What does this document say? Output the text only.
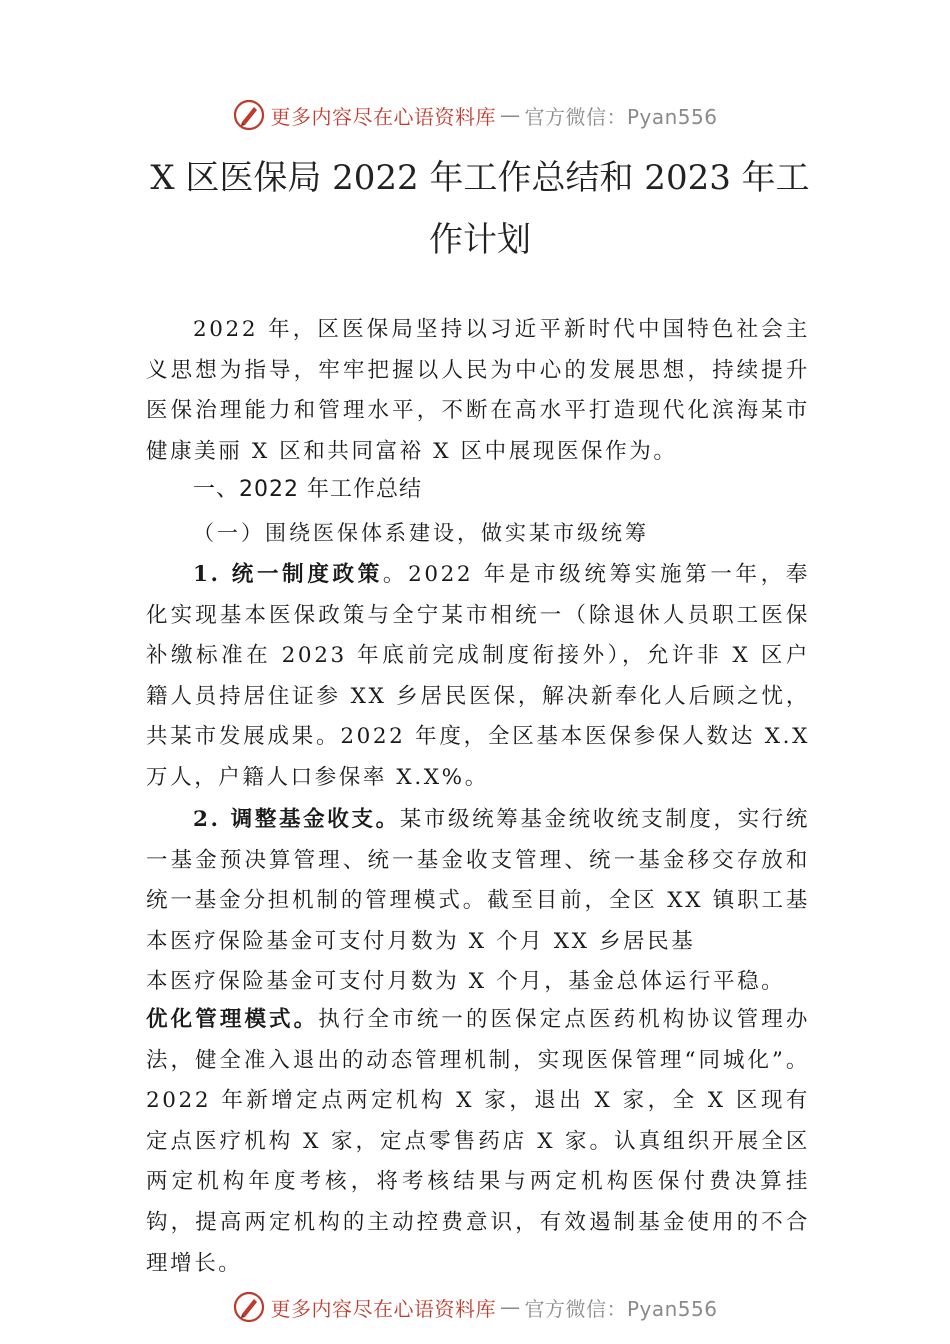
更多内容尽在心语资料库 — 官方微信：Pyan556
X 区医保局 2022 年工作总结和 2023 年工
作计划

2022 年，区医保局坚持以习近平新时代中国特色社会主义思想为指导，牢牢把握以人民为中心的发展思想，持续提升医保治理能力和管理水平，不断在高水平打造现代化滨海某市健康美丽 X 区和共同富裕 X 区中展现医保作为。

一、2022 年工作总结

（一）围绕医保体系建设，做实某市级统筹

1. 统一制度政策。2022 年是市级统筹实施第一年，奉化实现基本医保政策与全宁某市相统一（除退休人员职工医保补缴标准在 2023 年底前完成制度衔接外），允许非 X 区户籍人员持居住证参 XX 乡居民医保，解决新奉化人后顾之忧，共某市发展成果。2022 年度，全区基本医保参保人数达 X.X 万人，户籍人口参保率 X.X%。

2. 调整基金收支。某市级统筹基金统收统支制度，实行统一基金预决算管理、统一基金收支管理、统一基金移交存放和统一基金分担机制的管理模式。截至目前，全区 XX 镇职工基本医疗保险基金可支付月数为 X 个月 XX 乡居民基

本医疗保险基金可支付月数为 X 个月，基金总体运行平稳。

优化管理模式。执行全市统一的医保定点医药机构协议管理办法，健全准入退出的动态管理机制，实现医保管理“同城化”。2022 年新增定点两定机构 X 家，退出 X 家，全 X 区现有定点医疗机构 X 家，定点零售药店 X 家。认真组织开展全区两定机构年度考核，将考核结果与两定机构医保付费决算挂钩，提高两定机构的主动控费意识，有效遏制基金使用的不合理增长。

更多内容尽在心语资料库 — 官方微信：Pyan556
